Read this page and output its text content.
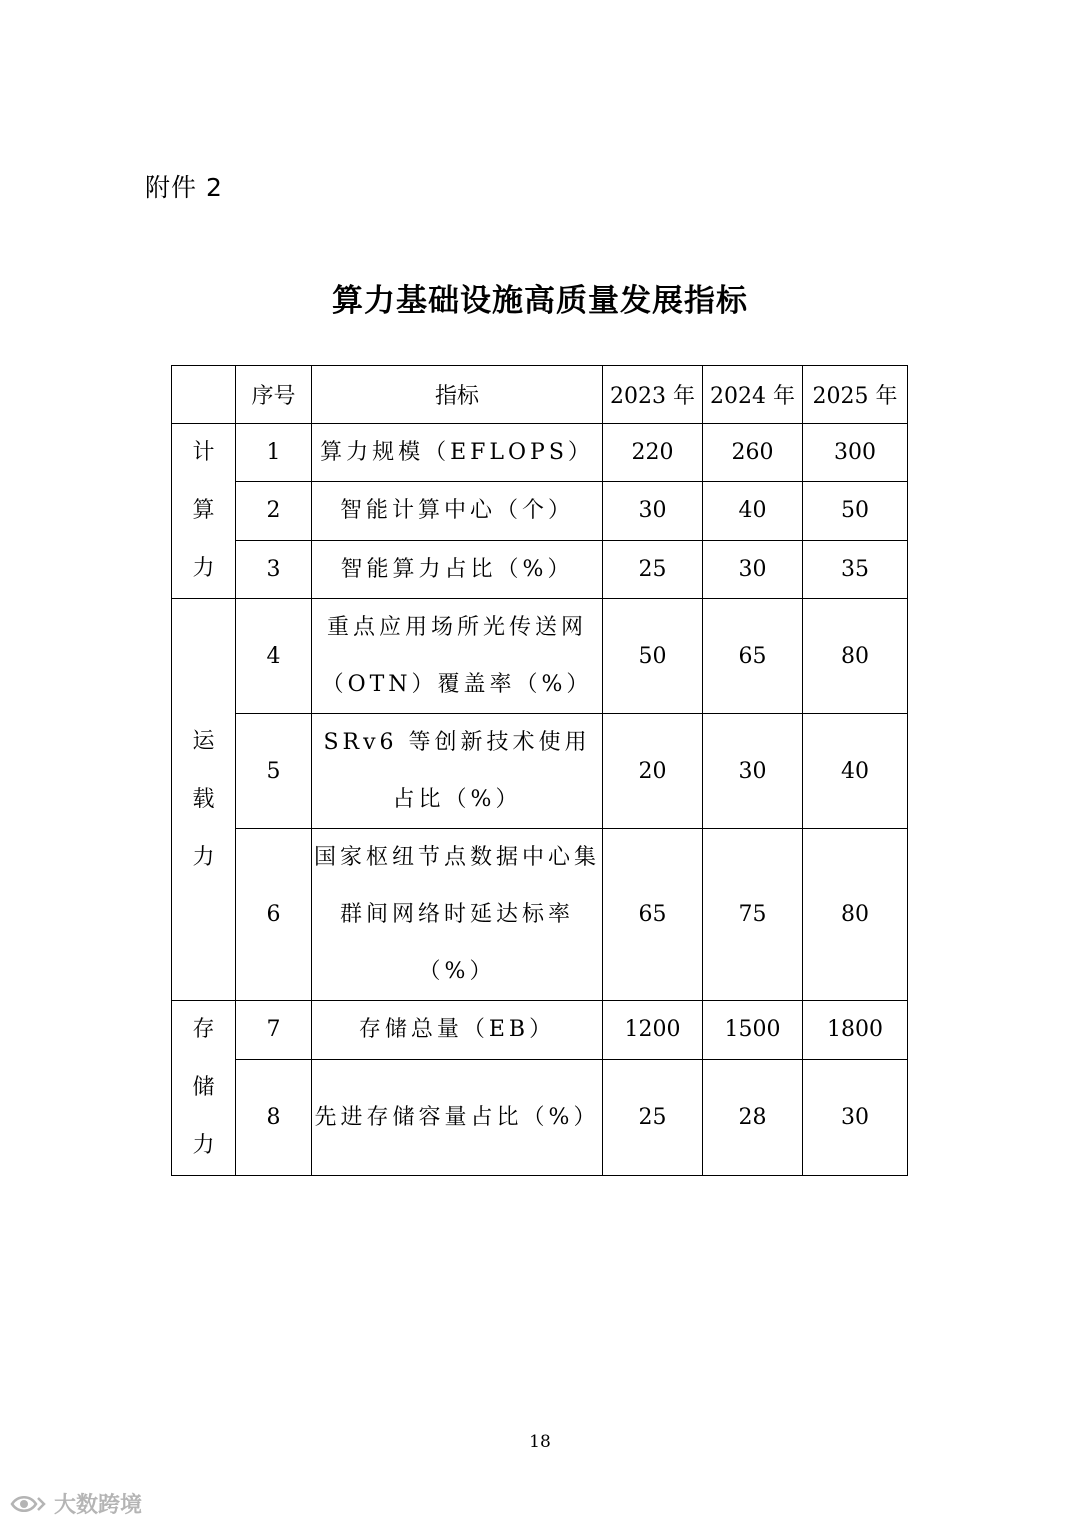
附件 2
算力基础设施高质量发展指标
	序号	指标	2023 年	2024 年	2025 年

计
算
力	1	算力规模（EFLOPS）	220	260	300
	2	智能计算中心（个）	30	40	50
	3	智能算力占比（%）	25	30	35

运
载
力	4	重点应用场所光传送网（OTN）覆盖率（%）	50	65	80
	5	SRv6 等创新技术使用占比（%）	20	30	40
	6	国家枢纽节点数据中心集群间网络时延达标率（%）	65	75	80

存
储
力	7	存储总量（EB）	1200	1500	1800
	8	先进存储容量占比（%）	25	28	30
18
大数跨境
